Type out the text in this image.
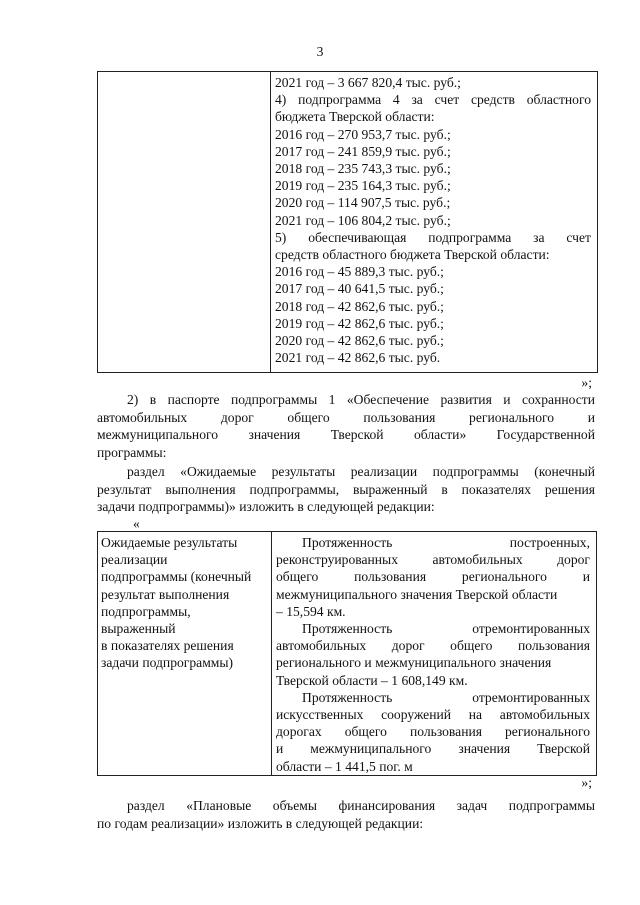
3

2021 год – 3 667 820,4 тыс. руб.;
4) подпрограмма 4 за счет средств областного
бюджета Тверской области:
2016 год – 270 953,7 тыс. руб.;
2017 год – 241 859,9 тыс. руб.;
2018 год – 235 743,3 тыс. руб.;
2019 год – 235 164,3 тыс. руб.;
2020 год – 114 907,5 тыс. руб.;
2021 год – 106 804,2 тыс. руб.;
5) обеспечивающая подпрограмма за счет
средств областного бюджета Тверской области:
2016 год – 45 889,3 тыс. руб.;
2017 год – 40 641,5 тыс. руб.;
2018 год – 42 862,6 тыс. руб.;
2019 год – 42 862,6 тыс. руб.;
2020 год – 42 862,6 тыс. руб.;
2021 год – 42 862,6 тыс. руб.
»;
2) в паспорте подпрограммы 1 «Обеспечение развития и сохранности
автомобильных дорог общего пользования регионального и
межмуниципального значения Тверской области» Государственной
программы:
раздел «Ожидаемые результаты реализации подпрограммы (конечный
результат выполнения подпрограммы, выраженный в показателях решения
задачи подпрограммы)» изложить в следующей редакции:
«
Ожидаемые результаты
реализации
подпрограммы (конечный
результат выполнения
подпрограммы,
выраженный
в показателях решения
задачи подпрограммы)

Протяженность построенных,
реконструированных автомобильных дорог
общего пользования регионального и
межмуниципального значения Тверской области
– 15,594 км.
Протяженность отремонтированных
автомобильных дорог общего пользования
регионального и межмуниципального значения
Тверской области – 1 608,149 км.
Протяженность отремонтированных
искусственных сооружений на автомобильных
дорогах общего пользования регионального
и межмуниципального значения Тверской
области – 1 441,5 пог. м
»;
раздел «Плановые объемы финансирования задач подпрограммы
по годам реализации» изложить в следующей редакции:
